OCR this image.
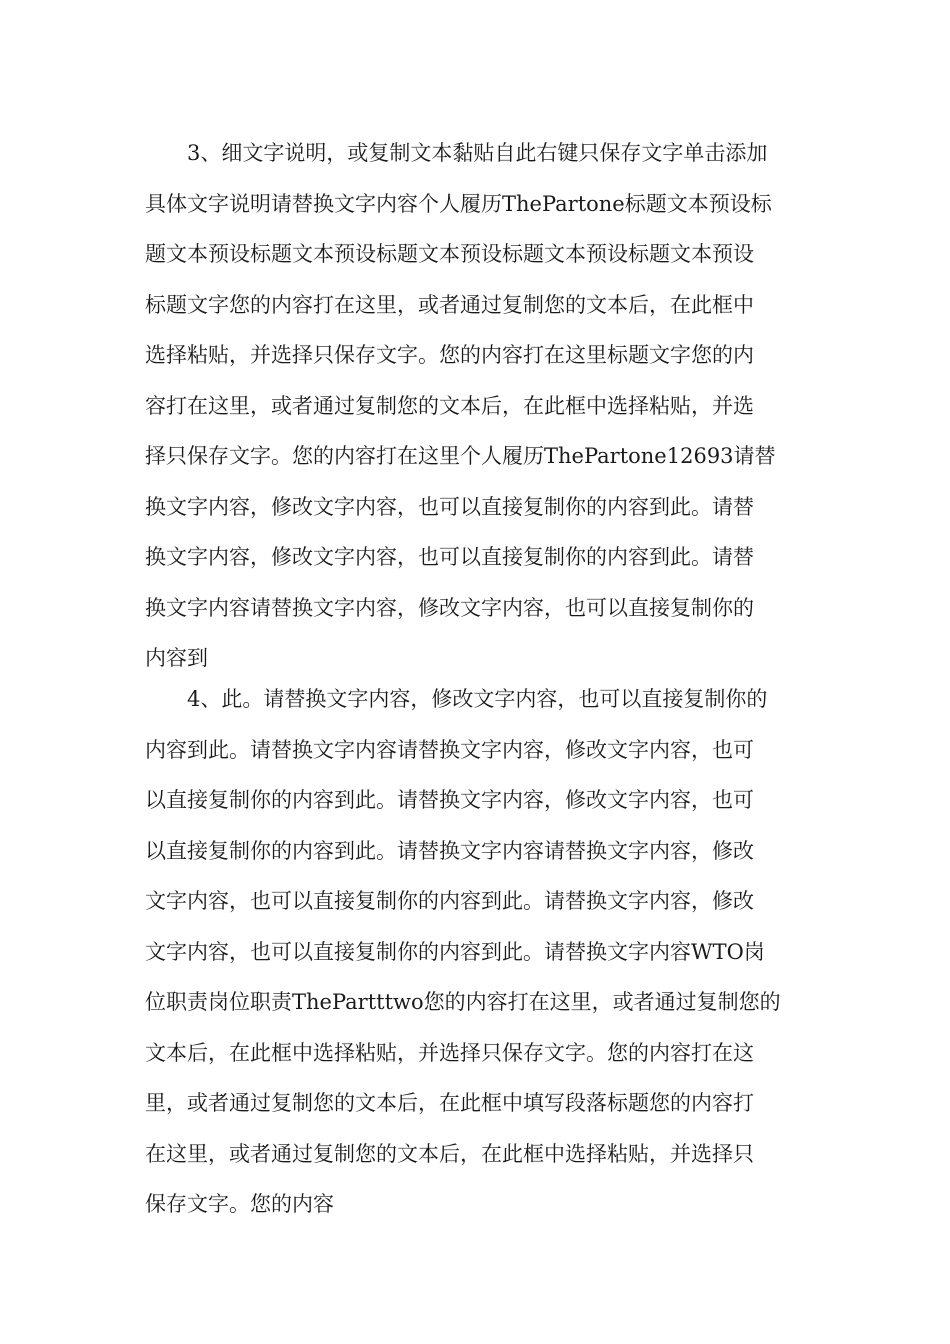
3、细文字说明，或复制文本黏贴自此右键只保存文字单击添加
具体文字说明请替换文字内容个人履历ThePartone标题文本预设标
题文本预设标题文本预设标题文本预设标题文本预设标题文本预设
标题文字您的内容打在这里，或者通过复制您的文本后，在此框中
选择粘贴，并选择只保存文字。您的内容打在这里标题文字您的内
容打在这里，或者通过复制您的文本后，在此框中选择粘贴，并选
择只保存文字。您的内容打在这里个人履历ThePartone12693请替
换文字内容，修改文字内容，也可以直接复制你的内容到此。请替
换文字内容，修改文字内容，也可以直接复制你的内容到此。请替
换文字内容请替换文字内容，修改文字内容，也可以直接复制你的
内容到
4、此。请替换文字内容，修改文字内容，也可以直接复制你的
内容到此。请替换文字内容请替换文字内容，修改文字内容，也可
以直接复制你的内容到此。请替换文字内容，修改文字内容，也可
以直接复制你的内容到此。请替换文字内容请替换文字内容，修改
文字内容，也可以直接复制你的内容到此。请替换文字内容，修改
文字内容，也可以直接复制你的内容到此。请替换文字内容WTO岗
位职责岗位职责ThePartttwo您的内容打在这里，或者通过复制您的
文本后，在此框中选择粘贴，并选择只保存文字。您的内容打在这
里，或者通过复制您的文本后，在此框中填写段落标题您的内容打
在这里，或者通过复制您的文本后，在此框中选择粘贴，并选择只
保存文字。您的内容
